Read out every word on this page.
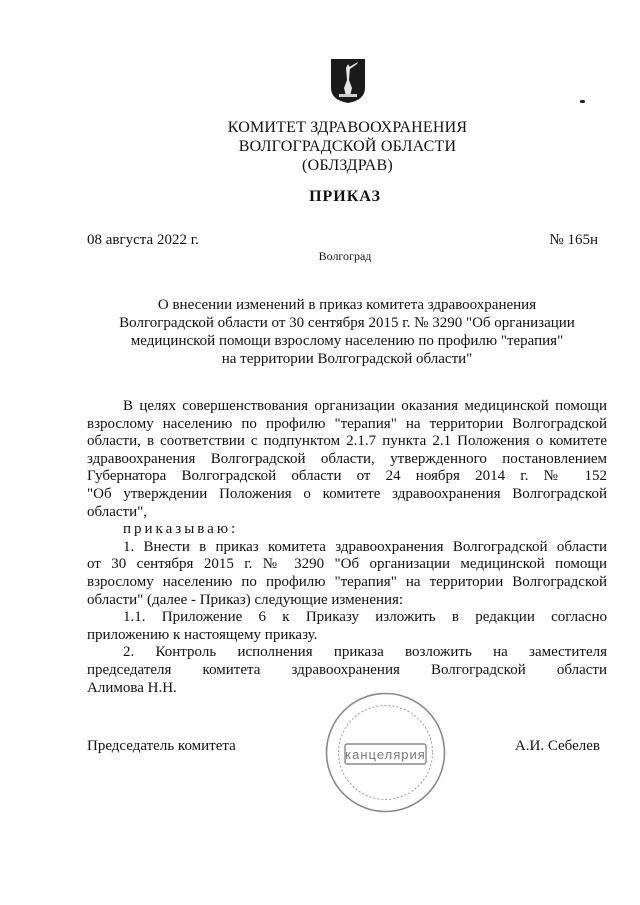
КОМИТЕТ ЗДРАВООХРАНЕНИЯ
ВОЛГОГРАДСКОЙ ОБЛАСТИ
(ОБЛЗДРАВ)
ПРИКАЗ
08 августа 2022 г.	№ 165н
Волгоград
О внесении изменений в приказ комитета здравоохранения
Волгоградской области от 30 сентября 2015 г. № 3290 "Об организации
медицинской помощи взрослому населению по профилю "терапия"
на территории Волгоградской области"

В целях совершенствования организации оказания медицинской помощи

взрослому населению по профилю "терапия" на территории Волгоградской

области, в соответствии с подпунктом 2.1.7 пункта 2.1 Положения о комитете

здравоохранения Волгоградской области, утвержденного постановлением

Губернатора Волгоградской области от 24 ноября 2014 г. № 152

"Об утверждении Положения о комитете здравоохранения Волгоградской

области",

приказываю:

1. Внести в приказ комитета здравоохранения Волгоградской области

от 30 сентября 2015 г. № 3290 "Об организации медицинской помощи

взрослому населению по профилю "терапия" на территории Волгоградской

области" (далее - Приказ) следующие изменения:

1.1. Приложение 6 к Приказу изложить в редакции согласно

приложению к настоящему приказу.

2. Контроль исполнения приказа возложить на заместителя

председателя комитета здравоохранения Волгоградской области

Алимова Н.Н.

Председатель комитета	А.И. Себелев
канцелярия
